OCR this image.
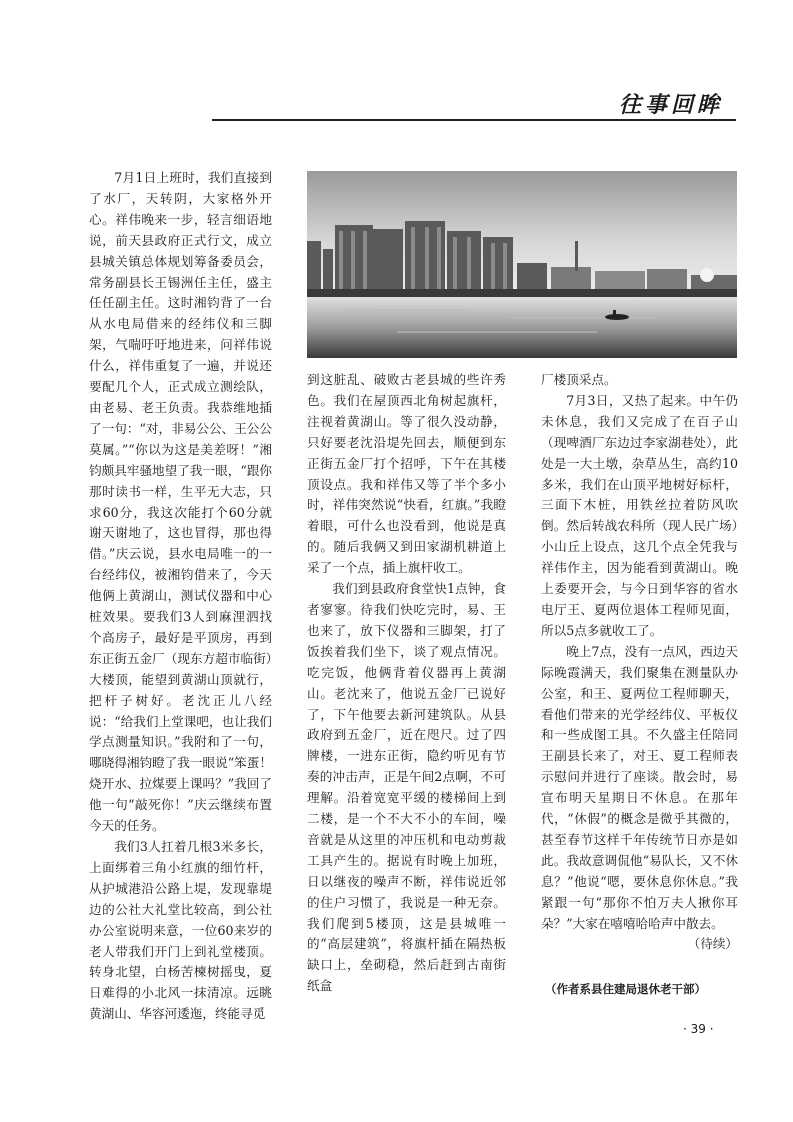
往事回眸

7月1日上班时，我们直接到了水厂，天转阴，大家格外开心。祥伟晚来一步，轻言细语地说，前天县政府正式行文，成立县城关镇总体规划筹备委员会，常务副县长王锡洲任主任，盛主任任副主任。这时湘钧背了一台从水电局借来的经纬仪和三脚架，气喘吁吁地进来，问祥伟说什么，祥伟重复了一遍，并说还要配几个人，正式成立测绘队，由老易、老王负责。我恭维地插了一句：“对，非易公公、王公公莫属。”“你以为这是美差呀！”湘钧颇具牢骚地望了我一眼，“跟你那时读书一样，生平无大志，只求60分，我这次能打个60分就谢天谢地了，这也冒得，那也得借。”庆云说，县水电局唯一的一台经纬仪，被湘钧借来了，今天他俩上黄湖山，测试仪器和中心桩效果。要我们3人到麻浬泗找个高房子，最好是平顶房，再到东正街五金厂（现东方超市临街）大楼顶，能望到黄湖山顶就行，把杆子树好。老沈正儿八经说：“给我们上堂课吧，也让我们学点测量知识。”我附和了一句，哪晓得湘钧瞪了我一眼说“笨蛋！烧开水、拉煤要上课吗？”我回了他一句“敲死你！”庆云继续布置今天的任务。

我们3人扛着几根3米多长，上面绑着三角小红旗的细竹杆，从护城港沿公路上堤，发现靠堤边的公社大礼堂比较高，到公社办公室说明来意，一位60来岁的老人带我们开门上到礼堂楼顶。转身北望，白杨苦楝树摇曳，夏日难得的小北风一抹清凉。远眺黄湖山、华容河逶迤，终能寻觅

到这脏乱、破败古老县城的些许秀色。我们在屋顶西北角树起旗杆，注视着黄湖山。等了很久没动静，只好要老沈沿堤先回去，顺便到东正街五金厂打个招呼，下午在其楼顶设点。我和祥伟又等了半个多小时，祥伟突然说“快看，红旗。”我瞪着眼，可什么也没看到，他说是真的。随后我俩又到田家湖机耕道上采了一个点，插上旗杆收工。

我们到县政府食堂快1点钟，食者寥寥。待我们快吃完时，易、王也来了，放下仪器和三脚架，打了饭挨着我们坐下，谈了观点情况。吃完饭，他俩背着仪器再上黄湖山。老沈来了，他说五金厂已说好了，下午他要去新河建筑队。从县政府到五金厂，近在咫尺。过了四牌楼，一进东正街，隐约听见有节奏的冲击声，正是午间2点啊，不可理解。沿着宽宽平缓的楼梯间上到二楼，是一个不大不小的车间，噪音就是从这里的冲压机和电动剪裁工具产生的。据说有时晚上加班，日以继夜的噪声不断，祥伟说近邻的住户习惯了，我说是一种无奈。我们爬到5楼顶，这是县城唯一的“高层建筑”，将旗杆插在隔热板缺口上，垒砌稳，然后赶到古南街纸盒

厂楼顶采点。

7月3日，又热了起来。中午仍未休息，我们又完成了在百子山（现啤酒厂东边过李家湖巷处），此处是一大土墩，杂草丛生，高约10多米，我们在山顶平地树好标杆，三面下木桩，用铁丝拉着防风吹倒。然后转战农科所（现人民广场）小山丘上设点，这几个点全凭我与祥伟作主，因为能看到黄湖山。晚上委要开会，与今日到华容的省水电厅王、夏两位退体工程师见面，所以5点多就收工了。

晚上7点，没有一点风，西边天际晚霞满天，我们聚集在测量队办公室，和王、夏两位工程师聊天，看他们带来的光学经纬仪、平板仪和一些成图工具。不久盛主任陪同王副县长来了，对王、夏工程师表示慰问并进行了座谈。散会时，易宣布明天星期日不休息。在那年代，“休假”的概念是微乎其微的，甚至春节这样千年传统节日亦是如此。我故意调侃他“易队长，又不休息？”他说“嗯，要休息你休息。”我紧跟一句“那你不怕万夫人揪你耳朵？”大家在嘻嘻哈哈声中散去。
（待续）

（作者系县住建局退休老干部）
· 39 ·
